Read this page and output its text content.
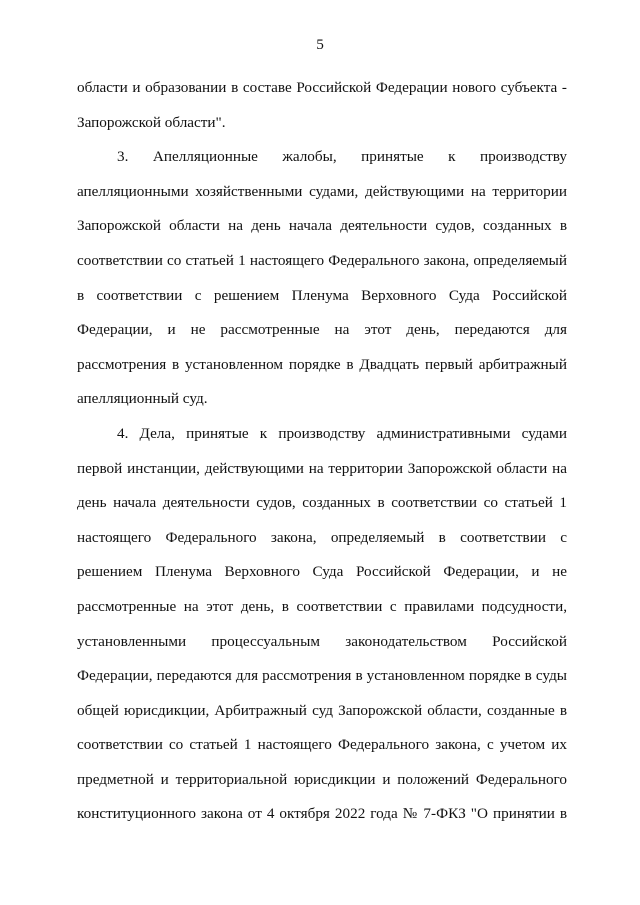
5
области и образовании в составе Российской Федерации нового субъекта -
Запорожской области".
3. Апелляционные жалобы, принятые к производству
апелляционными хозяйственными судами, действующими на территории
Запорожской области на день начала деятельности судов, созданных в
соответствии со статьей 1 настоящего Федерального закона, определяемый
в соответствии с решением Пленума Верховного Суда Российской
Федерации, и не рассмотренные на этот день, передаются для
рассмотрения в установленном порядке в Двадцать первый арбитражный
апелляционный суд.
4. Дела, принятые к производству административными судами
первой инстанции, действующими на территории Запорожской области на
день начала деятельности судов, созданных в соответствии со статьей 1
настоящего Федерального закона, определяемый в соответствии с
решением Пленума Верховного Суда Российской Федерации, и не
рассмотренные на этот день, в соответствии с правилами подсудности,
установленными процессуальным законодательством Российской
Федерации, передаются для рассмотрения в установленном порядке в суды
общей юрисдикции, Арбитражный суд Запорожской области, созданные в
соответствии со статьей 1 настоящего Федерального закона, с учетом их
предметной и территориальной юрисдикции и положений Федерального
конституционного закона от 4 октября 2022 года № 7-ФКЗ "О принятии в
